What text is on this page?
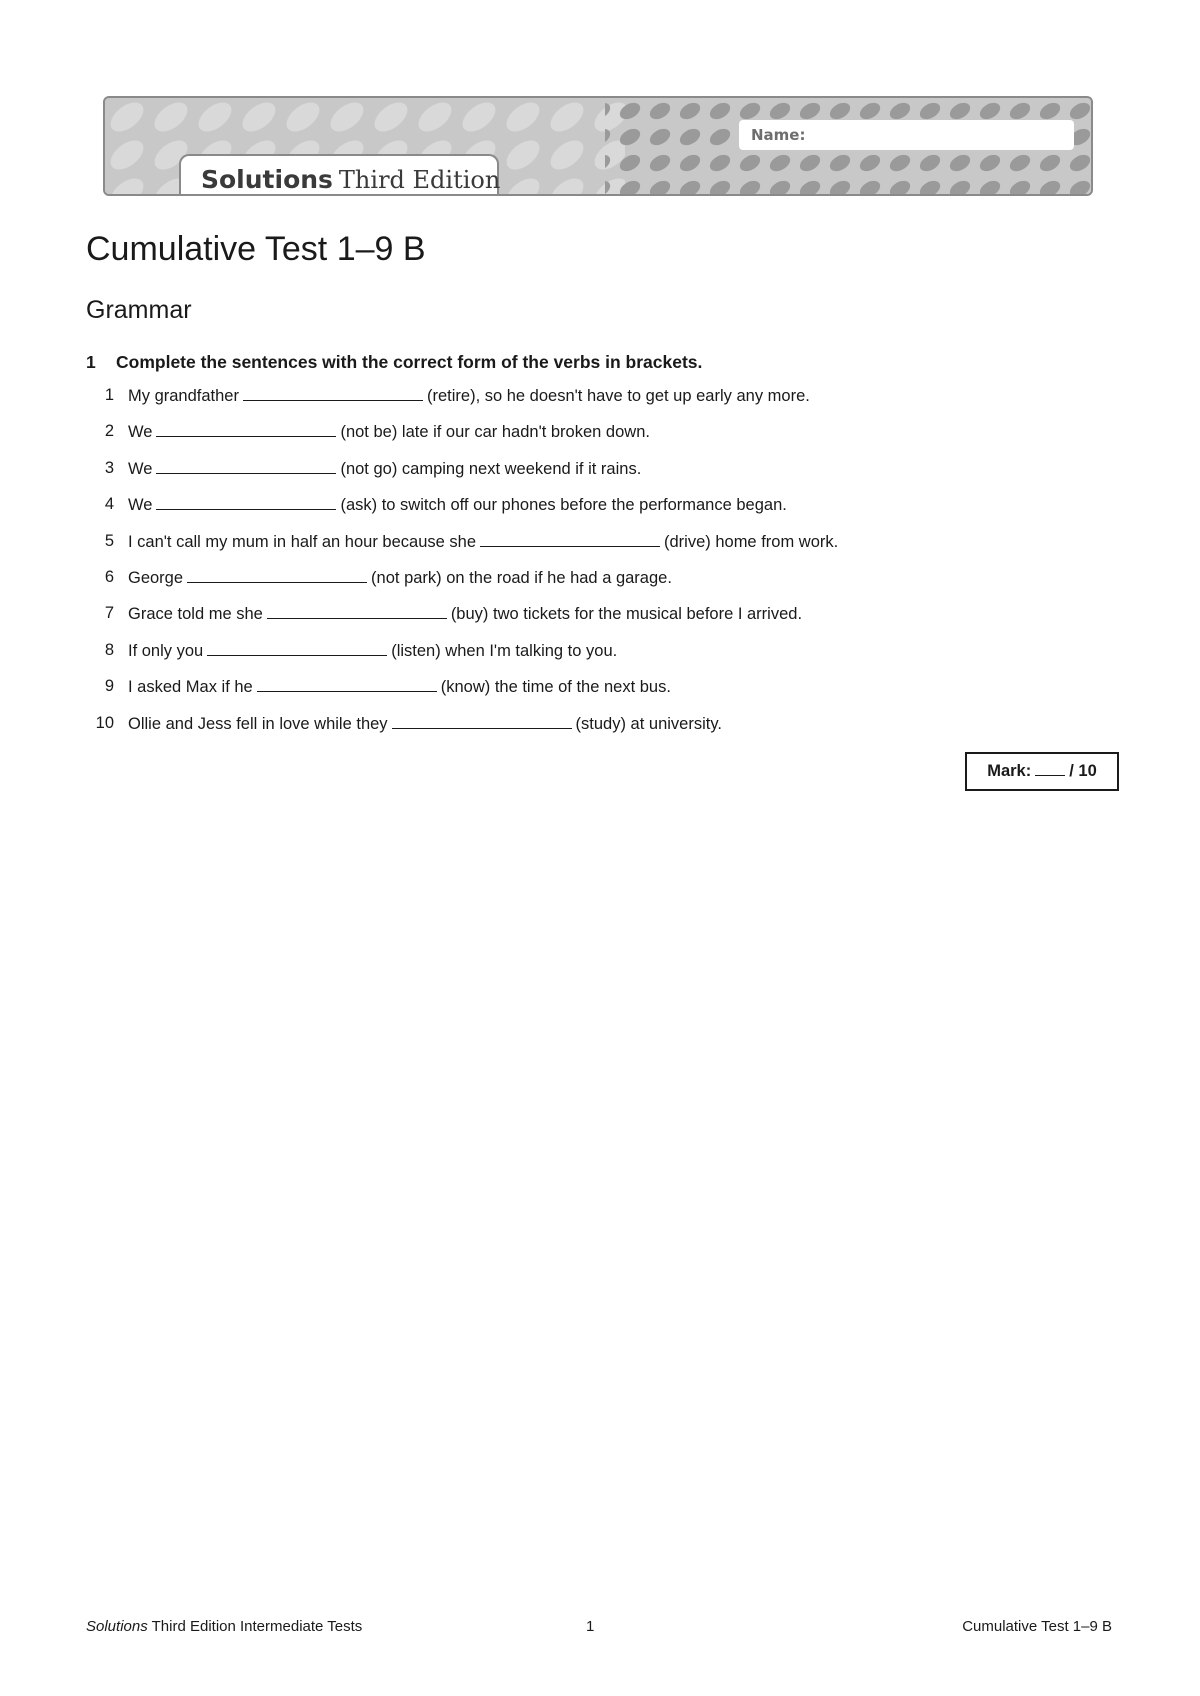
Name:
Solutions Third Edition
Cumulative Test 1–9 B
Grammar
1 Complete the sentences with the correct form of the verbs in brackets.
1 My grandfather	(retire), so he doesn't have to get up early any more.
2 We	(not be) late if our car hadn't broken down.
3 We	(not go) camping next weekend if it rains.
4 We	(ask) to switch off our phones before the performance began.
5 I can't call my mum in half an hour because she	(drive) home from work.
6 George	(not park) on the road if he had a garage.
7 Grace told me she	(buy) two tickets for the musical before I arrived.
8 If only you	(listen) when I'm talking to you.
9 I asked Max if he	(know) the time of the next bus.
10 Ollie and Jess fell in love while they	(study) at university.
Mark: / 10
Solutions Third Edition Intermediate Tests	1	Cumulative Test 1–9 B
